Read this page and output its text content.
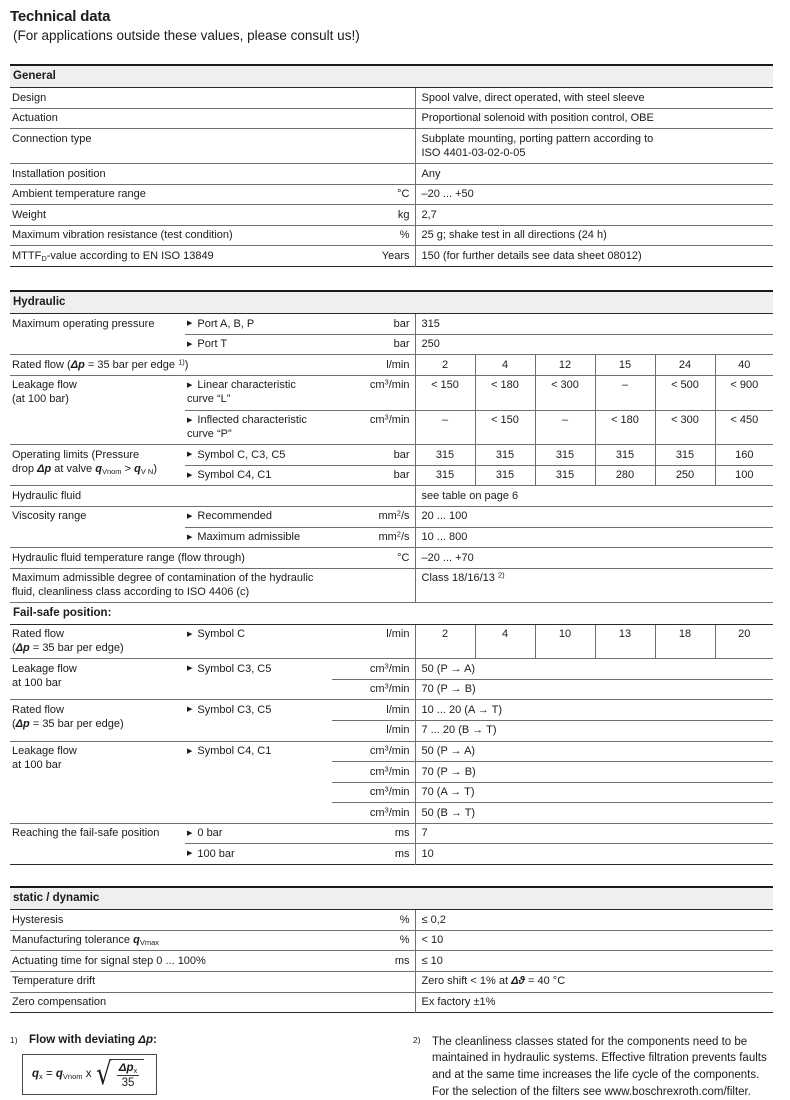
Technical data
(For applications outside these values, please consult us!)
General		
Design		Spool valve, direct operated, with steel sleeve
Actuation		Proportional solenoid with position control, OBE
Connection type		Subplate mounting, porting pattern according to
ISO 4401-03-02-0-05
Installation position		Any
Ambient temperature range	°C	–20 ... +50
Weight	kg	2,7
Maximum vibration resistance (test condition)	%	25 g; shake test in all directions (24 h)
$MTTF_D$-value according to EN ISO 13849	Years	150 (for further details see data sheet 08012)
Hydraulic								
Maximum operating pressure	▶Port A, B, P	bar	315					
▶ Port T	bar	250					
Rated flow (Δp = 35 bar per edge $^{1)}$)		l/min	2	4	12	15	24	40
Leakage flow
(at 100 bar)	▶ Linear characteristic
curve “L”	$cm^3/\min$	< 150	< 180	< 300	–	< 500	< 900
▶ Inflected characteristic
curve “P”	$cm^3/\min$	–	< 150	–	< 180	< 300	< 450
Operating limits (Pressure
drop Δp at valve $q_{Vnom} > q_{V N}$)	▶ Symbol C, C3, C5	bar	315	315	315	315	315	160
▶ Symbol C4, C1	bar	315	315	315	280	250	100
Hydraulic fluid			see table on page 6					
Viscosity range	▶Recommended	$mm^2/s$	20 ... 100					
▶ Maximum admissible	$mm^2/s$	10 ... 800					
Hydraulic fluid temperature range (flow through)		°C	–20 ... +70					
Maximum admissible degree of contamination of the hydraulic
fluid, cleanliness class according to ISO 4406 (c)			Class 18/16/13 $^{2)}$
Fail-safe position:								
Rated flow
(Δp = 35 bar per edge)	▶ Symbol C	l/min	2	4	10	13	18	20
Leakage flow
at 100 bar	▶ Symbol C3, C5	$cm^3/\min$	50 (P → A)					
		$cm^3/\min$	70 (P → B)					
Rated flow
(Δp = 35 bar per edge)	▶ Symbol C3, C5	l/min	10 ... 20 (A → T)					
		l/min	7 ... 20 (B → T)					
Leakage flow
at 100 bar	▶ Symbol C4, C1	$cm^3/\min$	50 (P → A)					
		$cm^3/\min$	70 (P → B)					
		$cm^3/\min$	70 (A → T)					
		$cm^3/\min$	50 (B → T)					
Reaching the fail-safe position	▶0 bar	ms	7					
▶ 100 bar	ms	10					
static / dynamic		
Hysteresis	%	≤ 0,2
Manufacturing tolerance $q_{Vmax}$	%	< 10
Actuating time for signal step 0 ... 100%	ms	≤ 10
Temperature drift		Zero shift < 1% at Δϑ = 40 °C
Zero compensation		Ex factory ±1%
1) Flow with deviating Δp:
$q_x = q_{Vnom}$ x √ $\Delta p_x$
35
2) The cleanliness classes stated for the components need to be maintained in hydraulic systems. Effective filtration prevents faults and at the same time increases the life cycle of the components.

For the selection of the filters see www.boschrexroth.com/filter.
